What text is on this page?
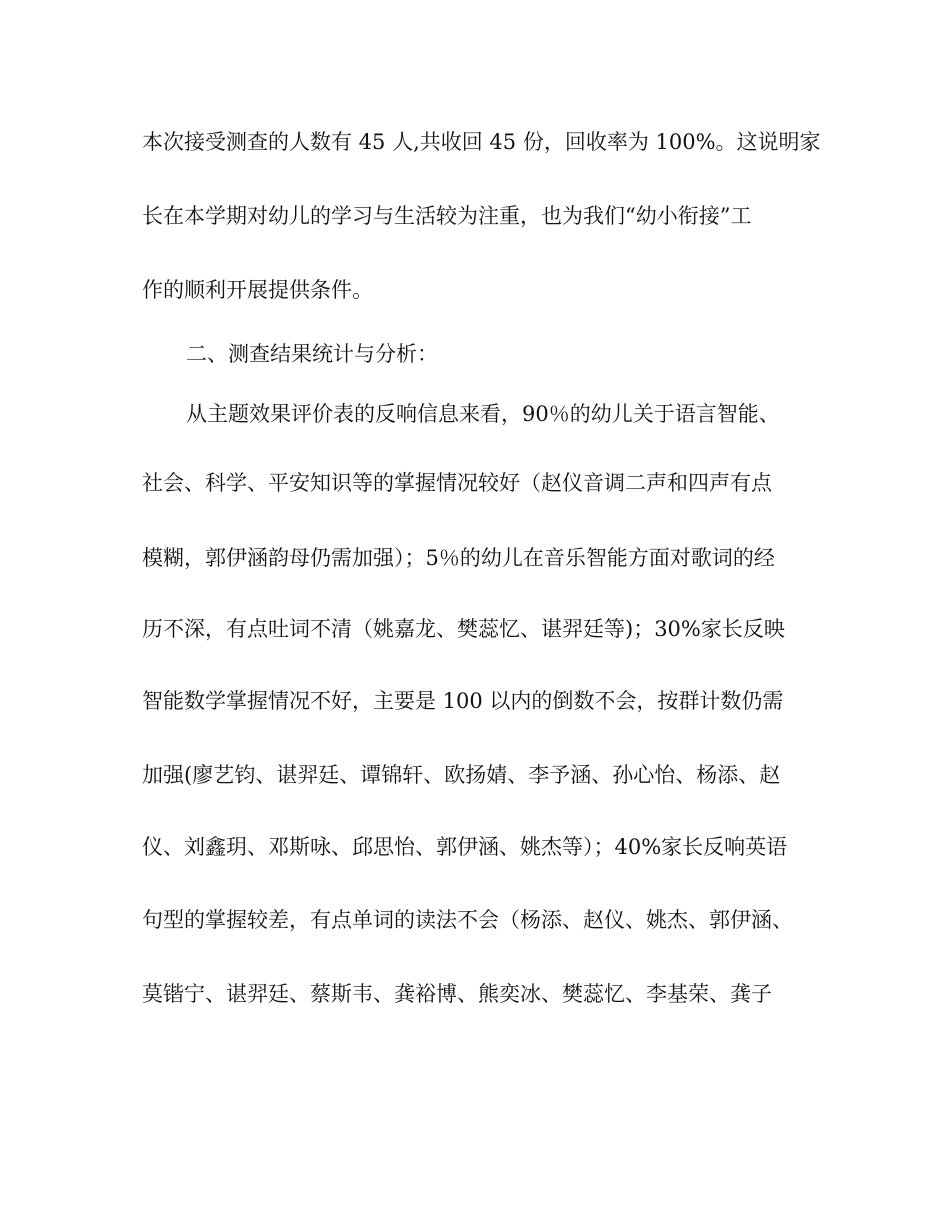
本次接受测查的人数有 45 人,共收回 45 份，回收率为 100%。这说明家
长在本学期对幼儿的学习与生活较为注重，也为我们“幼小衔接”工
作的顺利开展提供条件。
二、测查结果统计与分析：
从主题效果评价表的反响信息来看，90％的幼儿关于语言智能、
社会、科学、平安知识等的掌握情况较好（赵仪音调二声和四声有点
模糊，郭伊涵韵母仍需加强）；5％的幼儿在音乐智能方面对歌词的经
历不深，有点吐词不清（姚嘉龙、樊蕊忆、谌羿廷等)；30%家长反映
智能数学掌握情况不好，主要是 100 以内的倒数不会，按群计数仍需
加强(廖艺钧、谌羿廷、谭锦轩、欧扬婧、李予涵、孙心怡、杨添、赵
仪、刘鑫玥、邓斯咏、邱思怡、郭伊涵、姚杰等）；40%家长反响英语
句型的掌握较差，有点单词的读法不会（杨添、赵仪、姚杰、郭伊涵、
莫锴宁、谌羿廷、蔡斯韦、龚裕博、熊奕冰、樊蕊忆、李基荣、龚子
